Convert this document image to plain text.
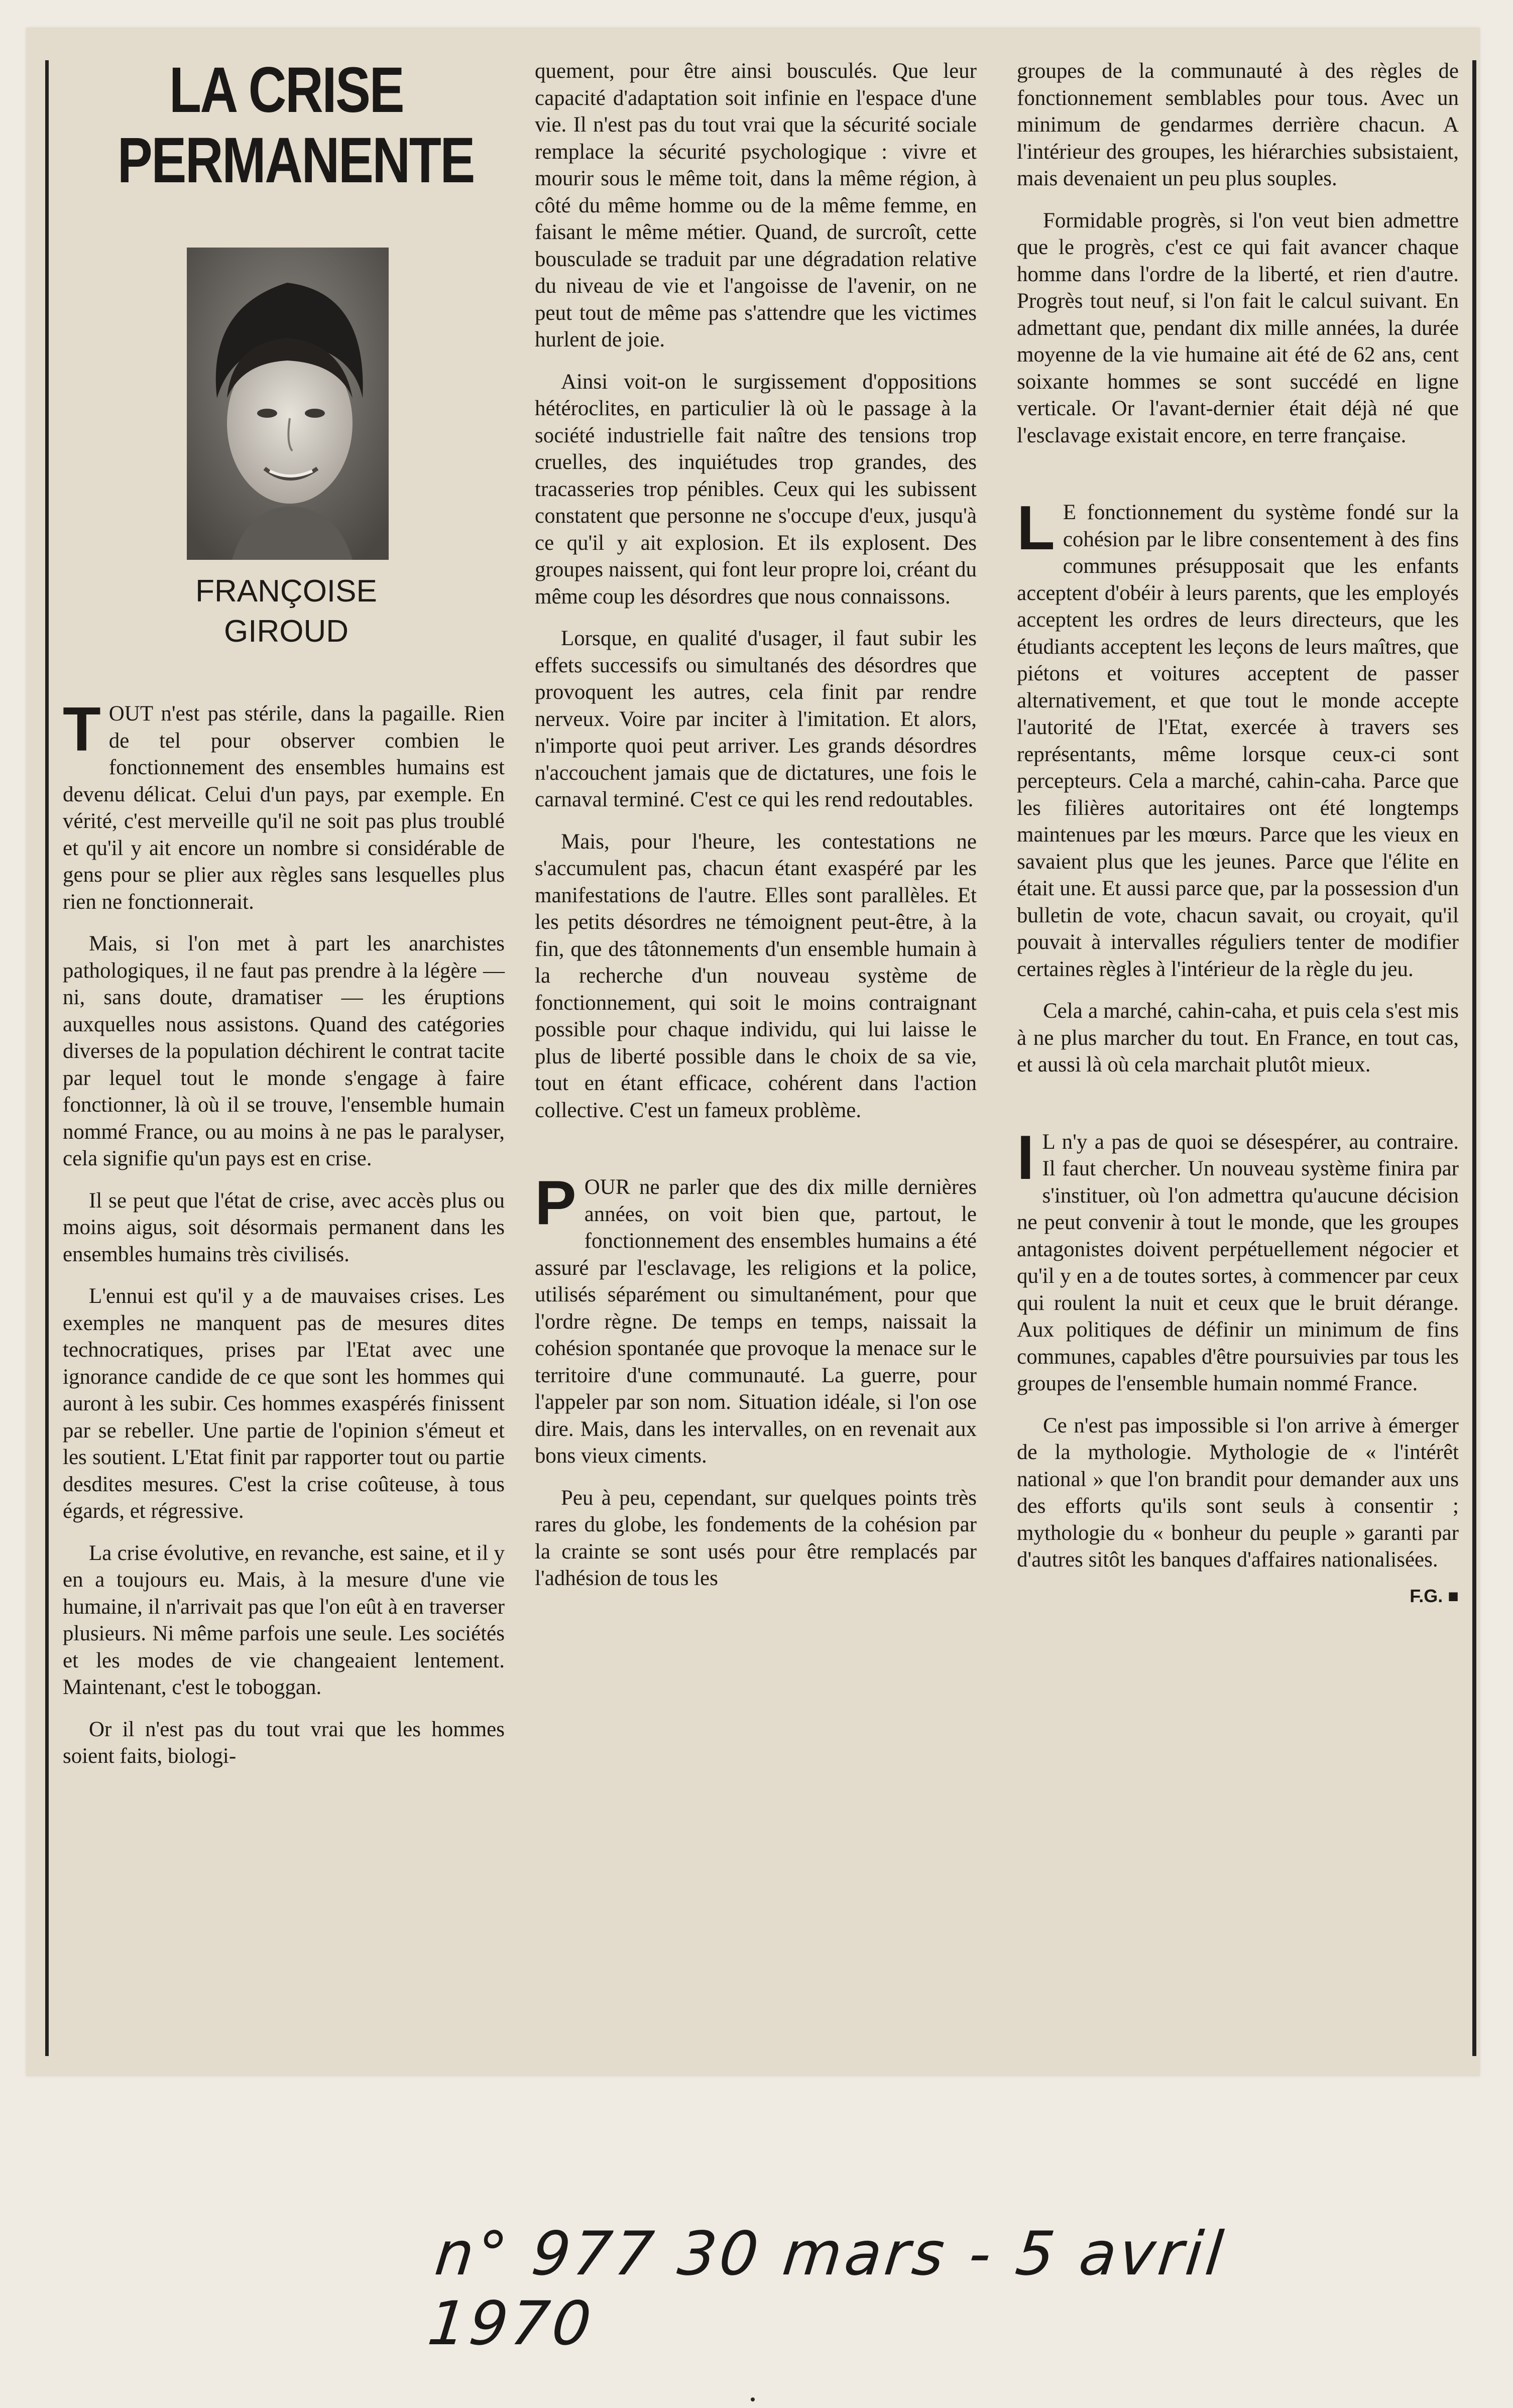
LA CRISE
PERMANENTE
FRANÇOISE
GIROUD

TOUT n'est pas stérile, dans la pagaille. Rien de tel pour observer combien le fonctionnement des ensembles humains est devenu délicat. Celui d'un pays, par exemple. En vérité, c'est merveille qu'il ne soit pas plus troublé et qu'il y ait encore un nombre si considérable de gens pour se plier aux règles sans lesquelles plus rien ne fonctionnerait.

Mais, si l'on met à part les anarchistes pathologiques, il ne faut pas prendre à la légère — ni, sans doute, dramatiser — les éruptions auxquelles nous assistons. Quand des catégories diverses de la population déchirent le contrat tacite par lequel tout le monde s'engage à faire fonctionner, là où il se trouve, l'ensemble humain nommé France, ou au moins à ne pas le paralyser, cela signifie qu'un pays est en crise.

Il se peut que l'état de crise, avec accès plus ou moins aigus, soit désormais permanent dans les ensembles humains très civilisés.

L'ennui est qu'il y a de mauvaises crises. Les exemples ne manquent pas de mesures dites technocratiques, prises par l'Etat avec une ignorance candide de ce que sont les hommes qui auront à les subir. Ces hommes exaspérés finissent par se rebeller. Une partie de l'opinion s'émeut et les soutient. L'Etat finit par rapporter tout ou partie desdites mesures. C'est la crise coûteuse, à tous égards, et régressive.

La crise évolutive, en revanche, est saine, et il y en a toujours eu. Mais, à la mesure d'une vie humaine, il n'arrivait pas que l'on eût à en traverser plusieurs. Ni même parfois une seule. Les sociétés et les modes de vie changeaient lentement. Maintenant, c'est le toboggan.

Or il n'est pas du tout vrai que les hommes soient faits, biologi-

quement, pour être ainsi bousculés. Que leur capacité d'adaptation soit infinie en l'espace d'une vie. Il n'est pas du tout vrai que la sécurité sociale remplace la sécurité psychologique : vivre et mourir sous le même toit, dans la même région, à côté du même homme ou de la même femme, en faisant le même métier. Quand, de surcroît, cette bousculade se traduit par une dégradation relative du niveau de vie et l'angoisse de l'avenir, on ne peut tout de même pas s'attendre que les victimes hurlent de joie.

Ainsi voit-on le surgissement d'oppositions hétéroclites, en particulier là où le passage à la société industrielle fait naître des tensions trop cruelles, des inquiétudes trop grandes, des tracasseries trop pénibles. Ceux qui les subissent constatent que personne ne s'occupe d'eux, jusqu'à ce qu'il y ait explosion. Et ils explosent. Des groupes naissent, qui font leur propre loi, créant du même coup les désordres que nous connaissons.

Lorsque, en qualité d'usager, il faut subir les effets successifs ou simultanés des désordres que provoquent les autres, cela finit par rendre nerveux. Voire par inciter à l'imitation. Et alors, n'importe quoi peut arriver. Les grands désordres n'accouchent jamais que de dictatures, une fois le carnaval terminé. C'est ce qui les rend redoutables.

Mais, pour l'heure, les contestations ne s'accumulent pas, chacun étant exaspéré par les manifestations de l'autre. Elles sont parallèles. Et les petits désordres ne témoignent peut-être, à la fin, que des tâtonnements d'un ensemble humain à la recherche d'un nouveau système de fonctionnement, qui soit le moins contraignant possible pour chaque individu, qui lui laisse le plus de liberté possible dans le choix de sa vie, tout en étant efficace, cohérent dans l'action collective. C'est un fameux problème.

POUR ne parler que des dix mille dernières années, on voit bien que, partout, le fonctionnement des ensembles humains a été assuré par l'esclavage, les religions et la police, utilisés séparément ou simultanément, pour que l'ordre règne. De temps en temps, naissait la cohésion spontanée que provoque la menace sur le territoire d'une communauté. La guerre, pour l'appeler par son nom. Situation idéale, si l'on ose dire. Mais, dans les intervalles, on en revenait aux bons vieux ciments.

Peu à peu, cependant, sur quelques points très rares du globe, les fondements de la cohésion par la crainte se sont usés pour être remplacés par l'adhésion de tous les

groupes de la communauté à des règles de fonctionnement semblables pour tous. Avec un minimum de gendarmes derrière chacun. A l'intérieur des groupes, les hiérarchies subsistaient, mais devenaient un peu plus souples.

Formidable progrès, si l'on veut bien admettre que le progrès, c'est ce qui fait avancer chaque homme dans l'ordre de la liberté, et rien d'autre. Progrès tout neuf, si l'on fait le calcul suivant. En admettant que, pendant dix mille années, la durée moyenne de la vie humaine ait été de 62 ans, cent soixante hommes se sont succédé en ligne verticale. Or l'avant-dernier était déjà né que l'esclavage existait encore, en terre française.

L E fonctionnement du système fondé sur la cohésion par le libre consentement à des fins communes présupposait que les enfants acceptent d'obéir à leurs parents, que les employés acceptent les ordres de leurs directeurs, que les étudiants acceptent les leçons de leurs maîtres, que piétons et voitures acceptent de passer alternativement, et que tout le monde accepte l'autorité de l'Etat, exercée à travers ses représentants, même lorsque ceux-ci sont percepteurs. Cela a marché, cahin-caha. Parce que les filières autoritaires ont été longtemps maintenues par les mœurs. Parce que les vieux en savaient plus que les jeunes. Parce que l'élite en était une. Et aussi parce que, par la possession d'un bulletin de vote, chacun savait, ou croyait, qu'il pouvait à intervalles réguliers tenter de modifier certaines règles à l'intérieur de la règle du jeu.

Cela a marché, cahin-caha, et puis cela s'est mis à ne plus marcher du tout. En France, en tout cas, et aussi là où cela marchait plutôt mieux.

I L n'y a pas de quoi se désespérer, au contraire. Il faut chercher. Un nouveau système finira par s'instituer, où l'on admettra qu'aucune décision ne peut convenir à tout le monde, que les groupes antagonistes doivent perpétuellement négocier et qu'il y en a de toutes sortes, à commencer par ceux qui roulent la nuit et ceux que le bruit dérange. Aux politiques de définir un minimum de fins communes, capables d'être poursuivies par tous les groupes de l'ensemble humain nommé France.

Ce n'est pas impossible si l'on arrive à émerger de la mythologie. Mythologie de « l'intérêt national » que l'on brandit pour demander aux uns des efforts qu'ils sont seuls à consentir ; mythologie du « bonheur du peuple » garanti par d'autres sitôt les banques d'affaires nationalisées.

F.G. ■

n° 977 30 mars - 5 avril 1970
